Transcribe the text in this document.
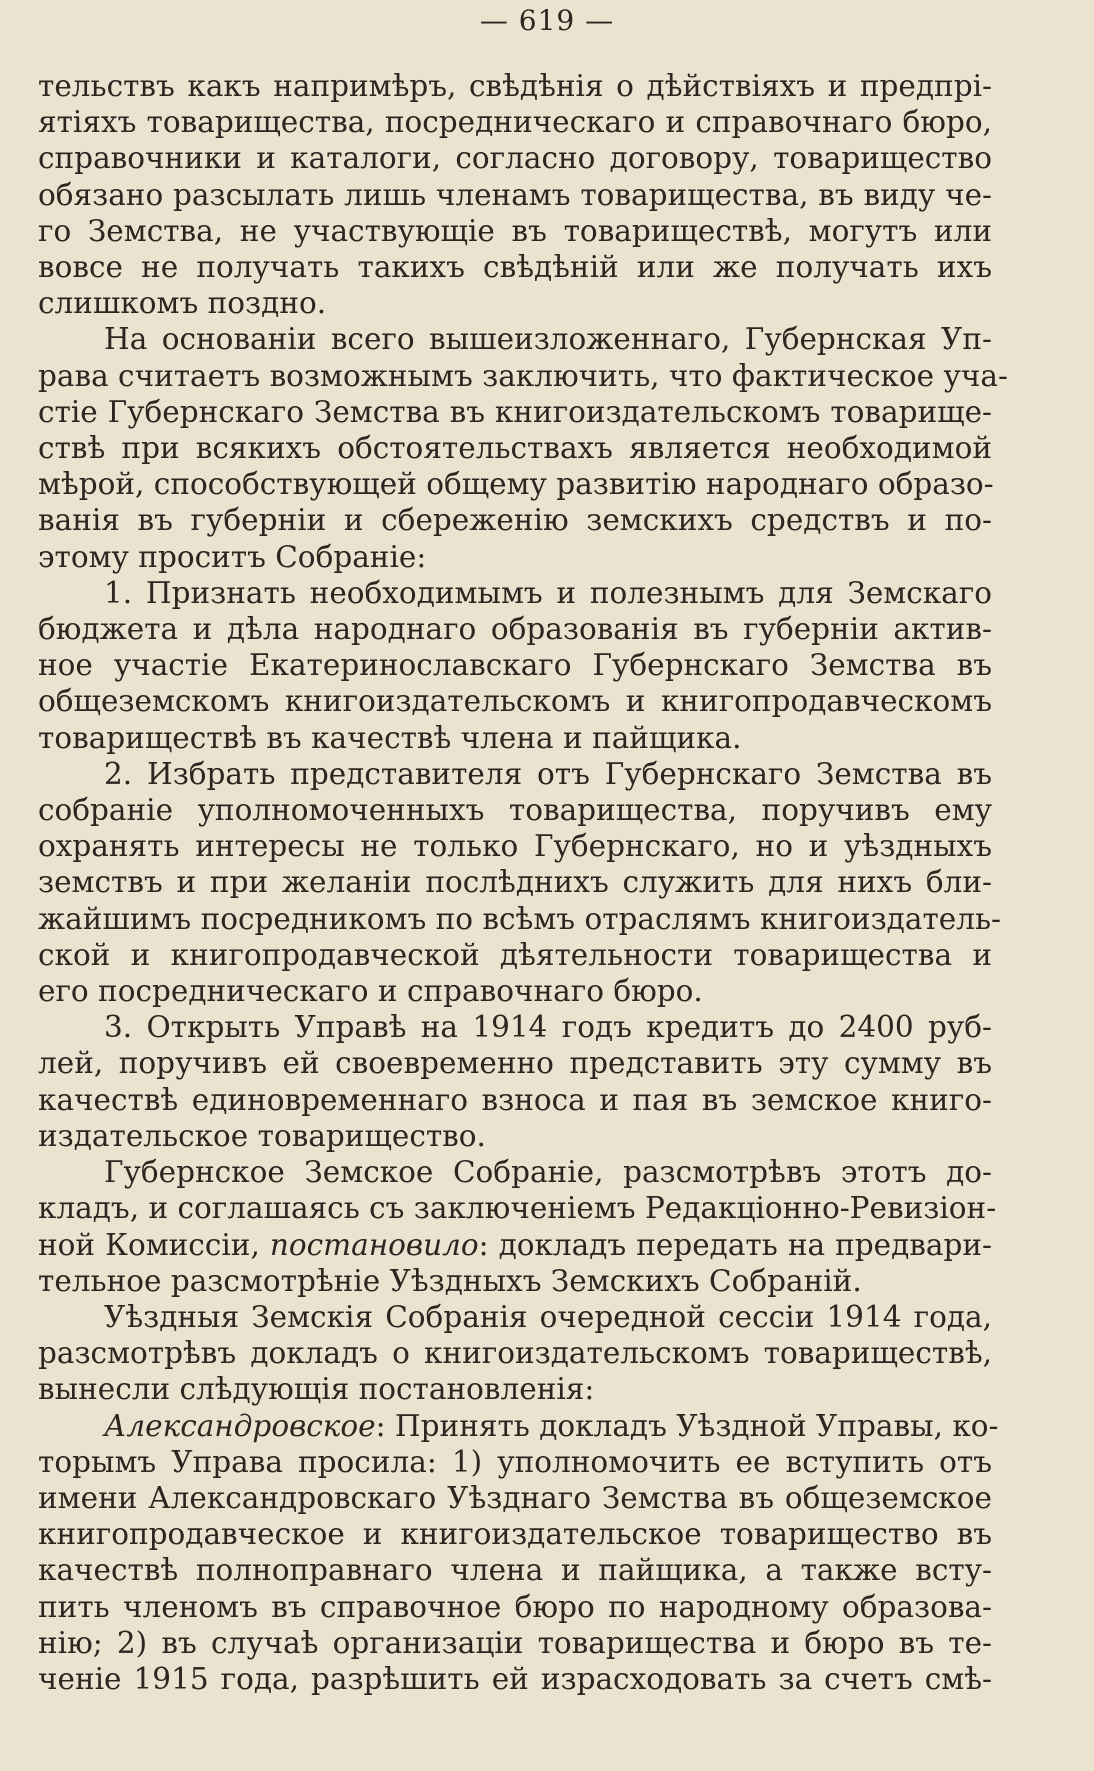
— 619 —
тельствъ какъ напримѣръ, свѣдѣнія о дѣйствіяхъ и предпрі-
ятіяхъ товарищества, посредническаго и справочнаго бюро,
справочники и каталоги, согласно договору, товарищество
обязано разсылать лишь членамъ товарищества, въ виду че-
го Земства, не участвующіе въ товариществѣ, могутъ или
вовсе не получать такихъ свѣдѣній или же получать ихъ
слишкомъ поздно.
На основаніи всего вышеизложеннаго, Губернская Уп-
рава считаетъ возможнымъ заключить, что фактическое уча-
стіе Губернскаго Земства въ книгоиздательскомъ товарище-
ствѣ при всякихъ обстоятельствахъ является необходимой
мѣрой, способствующей общему развитію народнаго образо-
ванія въ губерніи и сбереженію земскихъ средствъ и по-
этому проситъ Собраніе:
1. Признать необходимымъ и полезнымъ для Земскаго
бюджета и дѣла народнаго образованія въ губерніи актив-
ное участіе Екатеринославскаго Губернскаго Земства въ
общеземскомъ книгоиздательскомъ и книгопродавческомъ
товариществѣ въ качествѣ члена и пайщика.
2. Избрать представителя отъ Губернскаго Земства въ
собраніе уполномоченныхъ товарищества, поручивъ ему
охранять интересы не только Губернскаго, но и уѣздныхъ
земствъ и при желаніи послѣднихъ служить для нихъ бли-
жайшимъ посредникомъ по всѣмъ отраслямъ книгоиздатель-
ской и книгопродавческой дѣятельности товарищества и
его посредническаго и справочнаго бюро.
3. Открыть Управѣ на 1914 годъ кредитъ до 2400 руб-
лей, поручивъ ей своевременно представить эту сумму въ
качествѣ единовременнаго взноса и пая въ земское книго-
издательское товарищество.
Губернское Земское Собраніе, разсмотрѣвъ этотъ до-
кладъ, и соглашаясь съ заключеніемъ Редакціонно-Ревизіон-
ной Комиссіи, постановило: докладъ передать на предвари-
тельное разсмотрѣніе Уѣздныхъ Земскихъ Собраній.
Уѣздныя Земскія Собранія очередной сессіи 1914 года,
разсмотрѣвъ докладъ о книгоиздательскомъ товариществѣ,
вынесли слѣдующія постановленія:
Александровское: Принять докладъ Уѣздной Управы, ко-
торымъ Управа просила: 1) уполномочить ее вступить отъ
имени Александровскаго Уѣзднаго Земства въ общеземское
книгопродавческое и книгоиздательское товарищество въ
качествѣ полноправнаго члена и пайщика, а также всту-
пить членомъ въ справочное бюро по народному образова-
нію; 2) въ случаѣ организаціи товарищества и бюро въ те-
ченіе 1915 года, разрѣшить ей израсходовать за счетъ смѣ-
